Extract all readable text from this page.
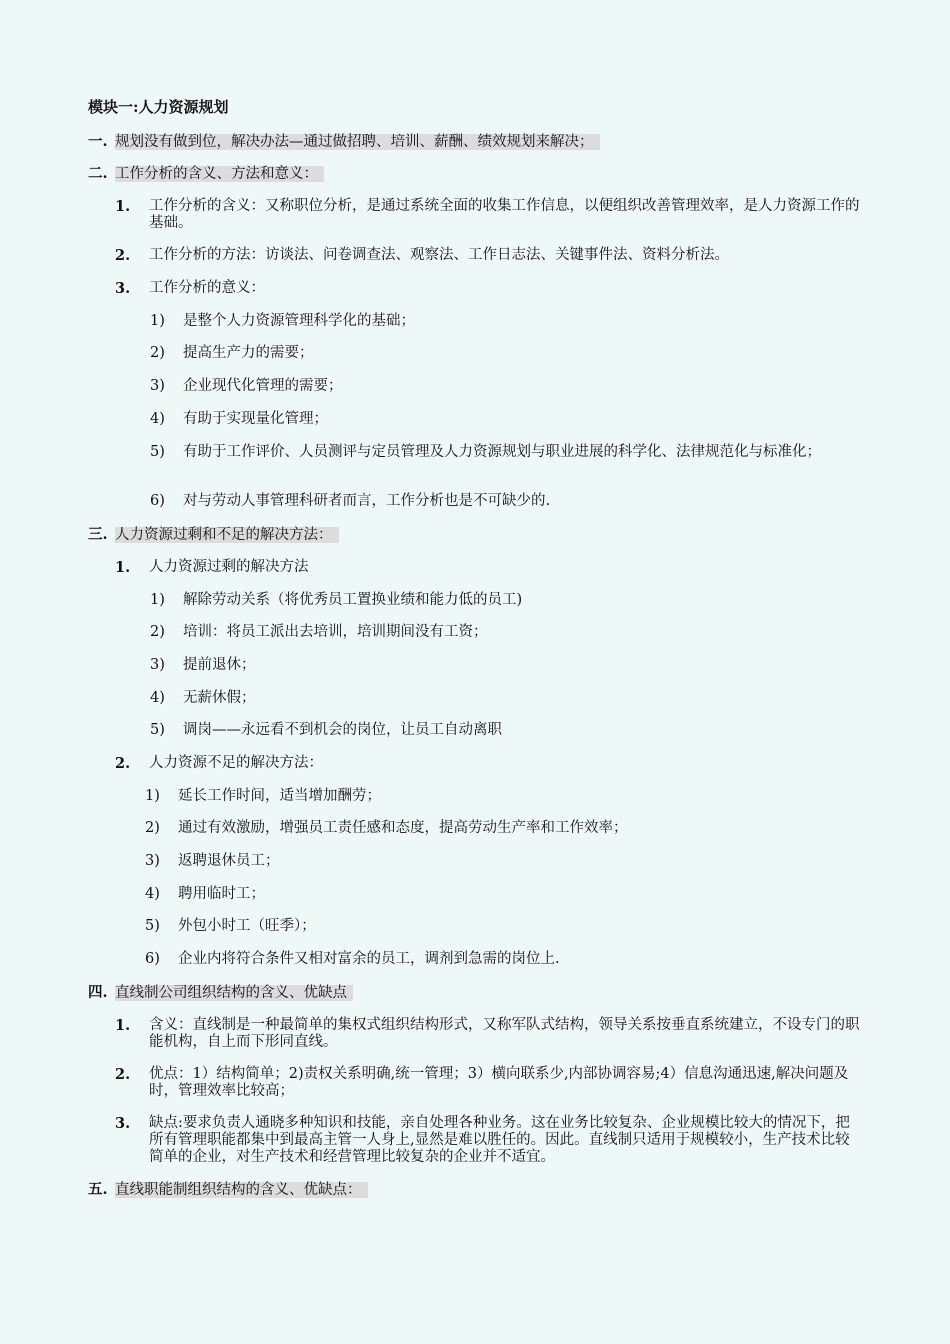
模块一:人力资源规划
一. 规划没有做到位，解决办法—通过做招聘、培训、薪酬、绩效规划来解决；
二. 工作分析的含义、方法和意义：
1. 工作分析的含义：又称职位分析，是通过系统全面的收集工作信息，以便组织改善管理效率，是人力资源工作的基础。
2. 工作分析的方法：访谈法、问卷调查法、观察法、工作日志法、关键事件法、资料分析法。
3. 工作分析的意义：
1) 是整个人力资源管理科学化的基础；
2) 提高生产力的需要；
3) 企业现代化管理的需要；
4) 有助于实现量化管理；
5) 有助于工作评价、人员测评与定员管理及人力资源规划与职业进展的科学化、法律规范化与标准化；
6) 对与劳动人事管理科研者而言，工作分析也是不可缺少的.
三. 人力资源过剩和不足的解决方法：
1. 人力资源过剩的解决方法
1) 解除劳动关系（将优秀员工置换业绩和能力低的员工)
2) 培训：将员工派出去培训，培训期间没有工资；
3) 提前退休；
4) 无薪休假；
5) 调岗——永远看不到机会的岗位，让员工自动离职
2. 人力资源不足的解决方法：
1) 延长工作时间，适当增加酬劳；
2) 通过有效激励，增强员工责任感和态度，提高劳动生产率和工作效率；
3) 返聘退休员工；
4) 聘用临时工；
5) 外包小时工（旺季）；
6) 企业内将符合条件又相对富余的员工，调剂到急需的岗位上.
四. 直线制公司组织结构的含义、优缺点
1. 含义：直线制是一种最简单的集权式组织结构形式，又称军队式结构，领导关系按垂直系统建立，不设专门的职能机构，自上而下形同直线。
2. 优点：1）结构简单；2)责权关系明确,统一管理；3）横向联系少,内部协调容易;4）信息沟通迅速,解决问题及时，管理效率比较高；
3. 缺点:要求负责人通晓多种知识和技能，亲自处理各种业务。这在业务比较复杂、企业规模比较大的情况下，把所有管理职能都集中到最高主管一人身上,显然是难以胜任的。因此。直线制只适用于规模较小，生产技术比较简单的企业，对生产技术和经营管理比较复杂的企业并不适宜。
五. 直线职能制组织结构的含义、优缺点：
